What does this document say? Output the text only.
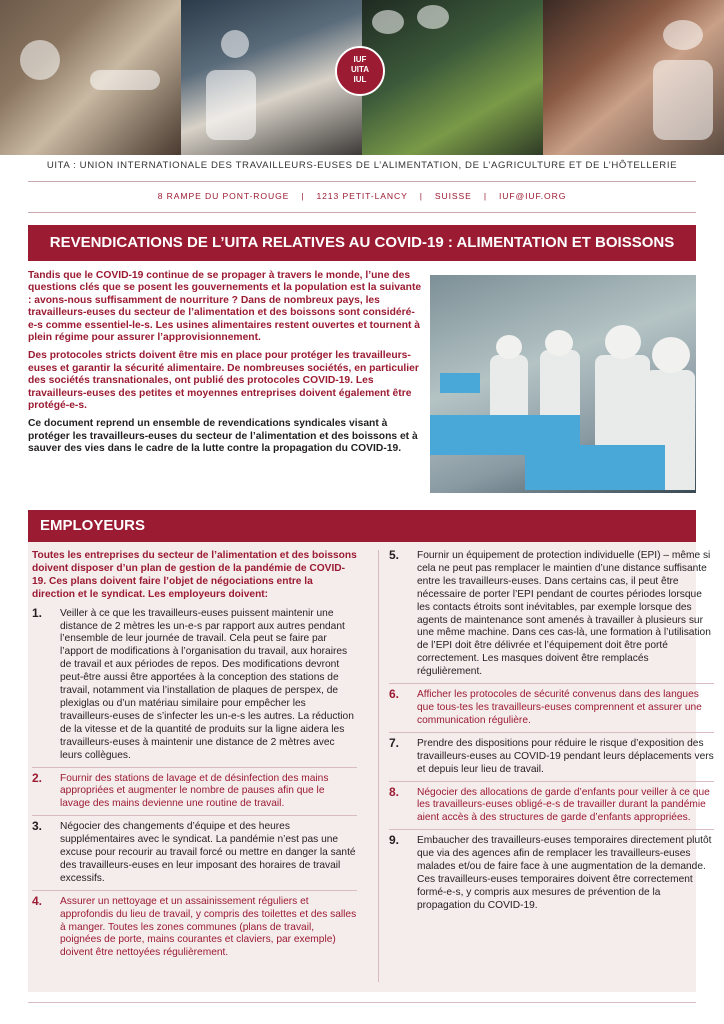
IUF
UITA
IUL
UITA : UNION INTERNATIONALE DES TRAVAILLEURS-EUSES DE L’ALIMENTATION, DE L’AGRICULTURE ET DE L’HÔTELLERIE
8 RAMPE DU PONT-ROUGE | 1213 PETIT-LANCY | SUISSE | IUF@IUF.ORG
REVENDICATIONS DE L’UITA RELATIVES AU COVID-19 : ALIMENTATION ET BOISSONS

Tandis que le COVID-19 continue de se propager à travers le monde, l’une des questions clés que se posent les gouvernements et la population est la suivante : avons-nous suffisamment de nourriture ? Dans de nombreux pays, les travailleurs-euses du secteur de l’alimentation et des boissons sont considéré-e-s comme essentiel-le-s. Les usines alimentaires restent ouvertes et tournent à plein régime pour assurer l’approvisionnement.

Des protocoles stricts doivent être mis en place pour protéger les travailleurs-euses et garantir la sécurité alimentaire. De nombreuses sociétés, en particulier des sociétés transnationales, ont publié des protocoles COVID-19. Les travailleurs-euses des petites et moyennes entreprises doivent également être protégé-e-s.

Ce document reprend un ensemble de revendications syndicales visant à protéger les travailleurs-euses du secteur de l’alimentation et des boissons et à sauver des vies dans le cadre de la lutte contre la propagation du COVID-19.

EMPLOYEURS
Toutes les entreprises du secteur de l’alimentation et des boissons doivent disposer d’un plan de gestion de la pandémie de COVID-19. Ces plans doivent faire l’objet de négociations entre la direction et le syndicat. Les employeurs doivent:
1. Veiller à ce que les travailleurs-euses puissent maintenir une distance de 2 mètres les un-e-s par rapport aux autres pendant l’ensemble de leur journée de travail. Cela peut se faire par l’apport de modifications à l’organisation du travail, aux horaires de travail et aux périodes de repos. Des modifications devront peut-être aussi être apportées à la conception des stations de travail, notamment via l’installation de plaques de perspex, de plexiglas ou d’un matériau similaire pour empêcher les travailleurs-euses de s’infecter les un-e-s les autres. La réduction de la vitesse et de la quantité de produits sur la ligne aidera les travailleurs-euses à maintenir une distance de 2 mètres avec leurs collègues.
2. Fournir des stations de lavage et de désinfection des mains appropriées et augmenter le nombre de pauses afin que le lavage des mains devienne une routine de travail.
3. Négocier des changements d’équipe et des heures supplémentaires avec le syndicat. La pandémie n’est pas une excuse pour recourir au travail forcé ou mettre en danger la santé des travailleurs-euses en leur imposant des horaires de travail excessifs.
4. Assurer un nettoyage et un assainissement réguliers et approfondis du lieu de travail, y compris des toilettes et des salles à manger. Toutes les zones communes (plans de travail, poignées de porte, mains courantes et claviers, par exemple) doivent être nettoyées régulièrement.
5. Fournir un équipement de protection individuelle (EPI) – même si cela ne peut pas remplacer le maintien d’une distance suffisante entre les travailleurs-euses. Dans certains cas, il peut être nécessaire de porter l’EPI pendant de courtes périodes lorsque les contacts étroits sont inévitables, par exemple lorsque des agents de maintenance sont amenés à travailler à plusieurs sur une même machine. Dans ces cas-là, une formation à l’utilisation de l’EPI doit être délivrée et l’équipement doit être porté correctement. Les masques doivent être remplacés régulièrement.
6. Afficher les protocoles de sécurité convenus dans des langues que tous-tes les travailleurs-euses comprennent et assurer une communication régulière.
7. Prendre des dispositions pour réduire le risque d’exposition des travailleurs-euses au COVID-19 pendant leurs déplacements vers et depuis leur lieu de travail.
8. Négocier des allocations de garde d’enfants pour veiller à ce que les travailleurs-euses obligé-e-s de travailler durant la pandémie aient accès à des structures de garde d’enfants appropriées.
9. Embaucher des travailleurs-euses temporaires directement plutôt que via des agences afin de remplacer les travailleurs-euses malades et/ou de faire face à une augmentation de la demande. Ces travailleurs-euses temporaires doivent être correctement formé-e-s, y compris aux mesures de prévention de la propagation du COVID-19.
